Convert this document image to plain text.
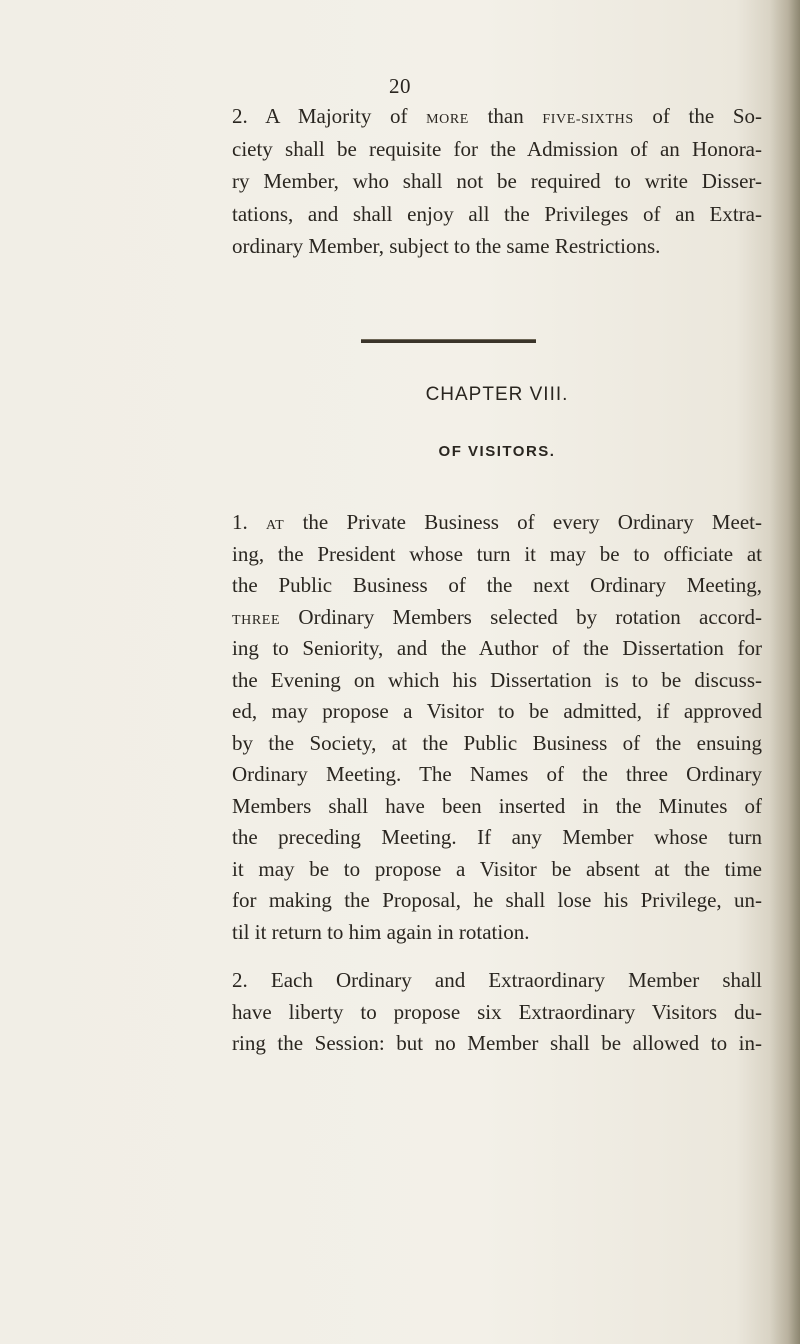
20
2. A Majority of MORE than FIVE-SIXTHS of the So-
ciety shall be requisite for the Admission of an Honora-
ry Member, who shall not be required to write Disser-
tations, and shall enjoy all the Privileges of an Extra-
ordinary Member, subject to the same Restrictions.
CHAPTER VIII.
OF VISITORS.
1. AT the Private Business of every Ordinary Meet-
ing, the President whose turn it may be to officiate at
the Public Business of the next Ordinary Meeting,
THREE Ordinary Members selected by rotation accord-
ing to Seniority, and the Author of the Dissertation for
the Evening on which his Dissertation is to be discuss-
ed, may propose a Visitor to be admitted, if approved
by the Society, at the Public Business of the ensuing
Ordinary Meeting. The Names of the three Ordinary
Members shall have been inserted in the Minutes of
the preceding Meeting. If any Member whose turn
it may be to propose a Visitor be absent at the time
for making the Proposal, he shall lose his Privilege, un-
til it return to him again in rotation.
2. Each Ordinary and Extraordinary Member shall
have liberty to propose six Extraordinary Visitors du-
ring the Session: but no Member shall be allowed to in-
